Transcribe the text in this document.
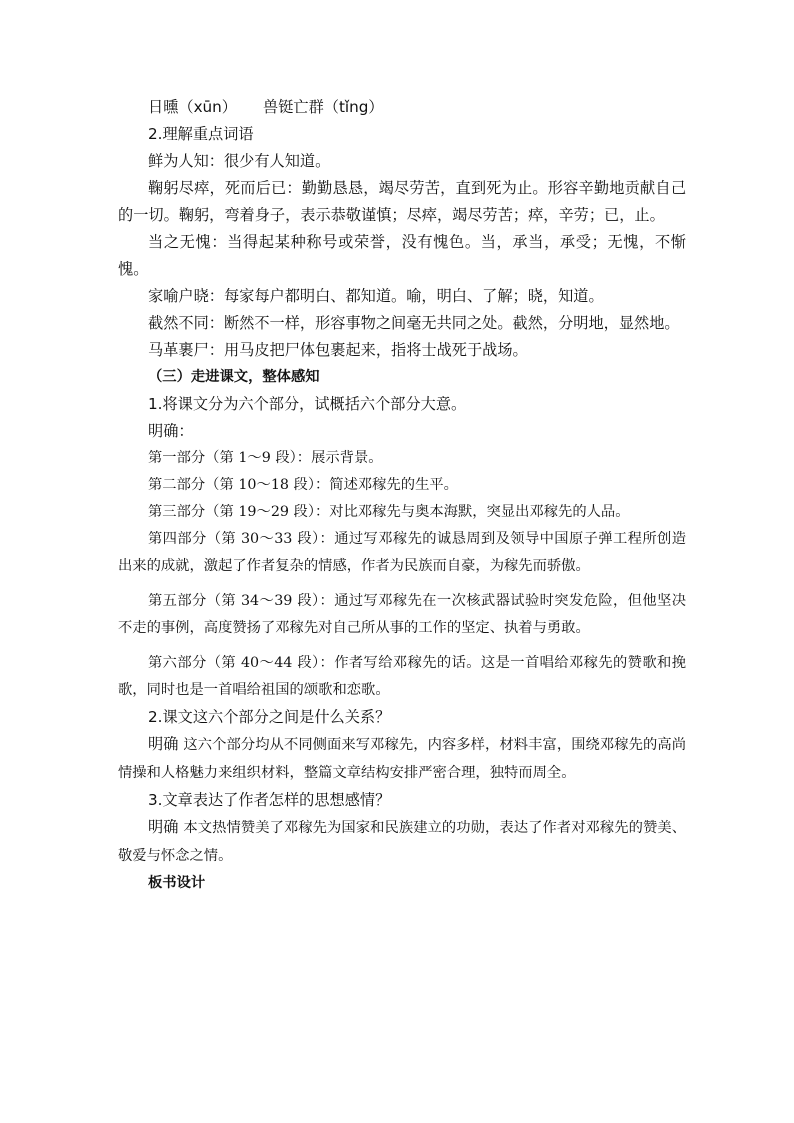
日曛（xūn） 兽铤亡群（tǐng）

2.理解重点词语

鲜为人知：很少有人知道。

鞠躬尽瘁，死而后已：勤勤恳恳，竭尽劳苦，直到死为止。形容辛勤地贡献自己的一切。鞠躬，弯着身子，表示恭敬谨慎；尽瘁，竭尽劳苦；瘁，辛劳；已，止。

当之无愧：当得起某种称号或荣誉，没有愧色。当，承当，承受；无愧，不惭愧。

家喻户晓：每家每户都明白、都知道。喻，明白、了解；晓，知道。

截然不同：断然不一样，形容事物之间毫无共同之处。截然，分明地，显然地。

马革裹尸：用马皮把尸体包裹起来，指将士战死于战场。

（三）走进课文，整体感知

1.将课文分为六个部分，试概括六个部分大意。

明确：

第一部分（第 1～9 段）：展示背景。

第二部分（第 10～18 段）：简述邓稼先的生平。

第三部分（第 19～29 段）：对比邓稼先与奥本海默，突显出邓稼先的人品。

第四部分（第 30～33 段）：通过写邓稼先的诚恳周到及领导中国原子弹工程所创造出来的成就，激起了作者复杂的情感，作者为民族而自豪，为稼先而骄傲。

第五部分（第 34～39 段）：通过写邓稼先在一次核武器试验时突发危险，但他坚决不走的事例，高度赞扬了邓稼先对自己所从事的工作的坚定、执着与勇敢。

第六部分（第 40～44 段）：作者写给邓稼先的话。这是一首唱给邓稼先的赞歌和挽歌，同时也是一首唱给祖国的颂歌和恋歌。

2.课文这六个部分之间是什么关系？

明确 这六个部分均从不同侧面来写邓稼先，内容多样，材料丰富，围绕邓稼先的高尚情操和人格魅力来组织材料，整篇文章结构安排严密合理，独特而周全。

3.文章表达了作者怎样的思想感情？

明确 本文热情赞美了邓稼先为国家和民族建立的功勋，表达了作者对邓稼先的赞美、敬爱与怀念之情。

板书设计
